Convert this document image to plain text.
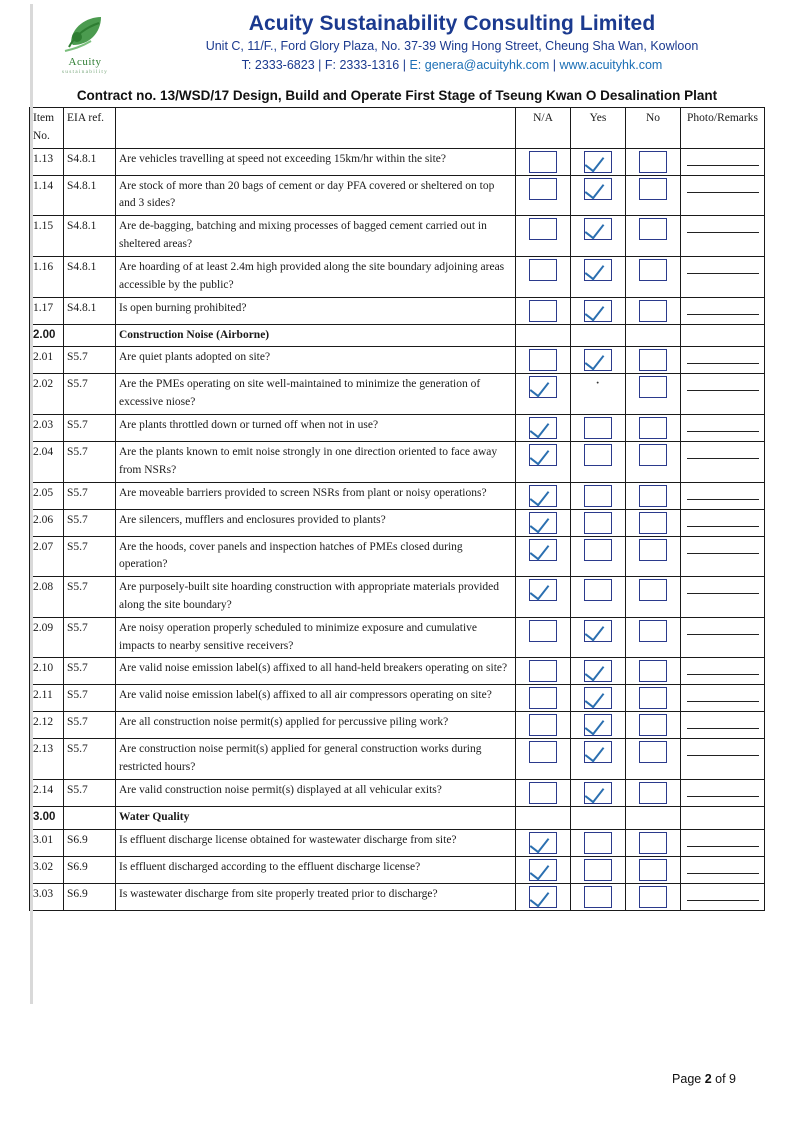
Acuity
sustainability
Acuity Sustainability Consulting Limited
Unit C, 11/F., Ford Glory Plaza, No. 37-39 Wing Hong Street, Cheung Sha Wan, Kowloon
T: 2333-6823 | F: 2333-1316 | E: genera@acuityhk.com | www.acuityhk.com
Contract no. 13/WSD/17 Design, Build and Operate First Stage of Tseung Kwan O Desalination Plant
Item
No.	EIA ref.		N/A	Yes	No	Photo/Remarks
1.13	S4.8.1	Are vehicles travelling at speed not exceeding 15km/hr within the site?				

1.14	S4.8.1	Are stock of more than 20 bags of cement or day PFA covered or sheltered on top and 3 sides?				

1.15	S4.8.1	Are de-bagging, batching and mixing processes of bagged cement carried out in sheltered areas?				

1.16	S4.8.1	Are hoarding of at least 2.4m high provided along the site boundary adjoining areas accessible by the public?				

1.17	S4.8.1	Is open burning prohibited?				

2.00		Construction Noise (Airborne)				
2.01	S5.7	Are quiet plants adopted on site?				

2.02	S5.7	Are the PMEs operating on site well-maintained to minimize the generation of excessive niose?		·		

2.03	S5.7	Are plants throttled down or turned off when not in use?				

2.04	S5.7	Are the plants known to emit noise strongly in one direction oriented to face away from NSRs?				

2.05	S5.7	Are moveable barriers provided to screen NSRs from plant or noisy operations?				

2.06	S5.7	Are silencers, mufflers and enclosures provided to plants?				

2.07	S5.7	Are the hoods, cover panels and inspection hatches of PMEs closed during operation?				

2.08	S5.7	Are purposely-built site hoarding construction with appropriate materials provided along the site boundary?				

2.09	S5.7	Are noisy operation properly scheduled to minimize exposure and cumulative impacts to nearby sensitive receivers?				

2.10	S5.7	Are valid noise emission label(s) affixed to all hand-held breakers operating on site?				

2.11	S5.7	Are valid noise emission label(s) affixed to all air compressors operating on site?				

2.12	S5.7	Are all construction noise permit(s) applied for percussive piling work?				

2.13	S5.7	Are construction noise permit(s) applied for general construction works during restricted hours?				

2.14	S5.7	Are valid construction noise permit(s) displayed at all vehicular exits?				

3.00		Water Quality				
3.01	S6.9	Is effluent discharge license obtained for wastewater discharge from site?				

3.02	S6.9	Is effluent discharged according to the effluent discharge license?				

3.03	S6.9	Is wastewater discharge from site properly treated prior to discharge?				
Page 2 of 9
